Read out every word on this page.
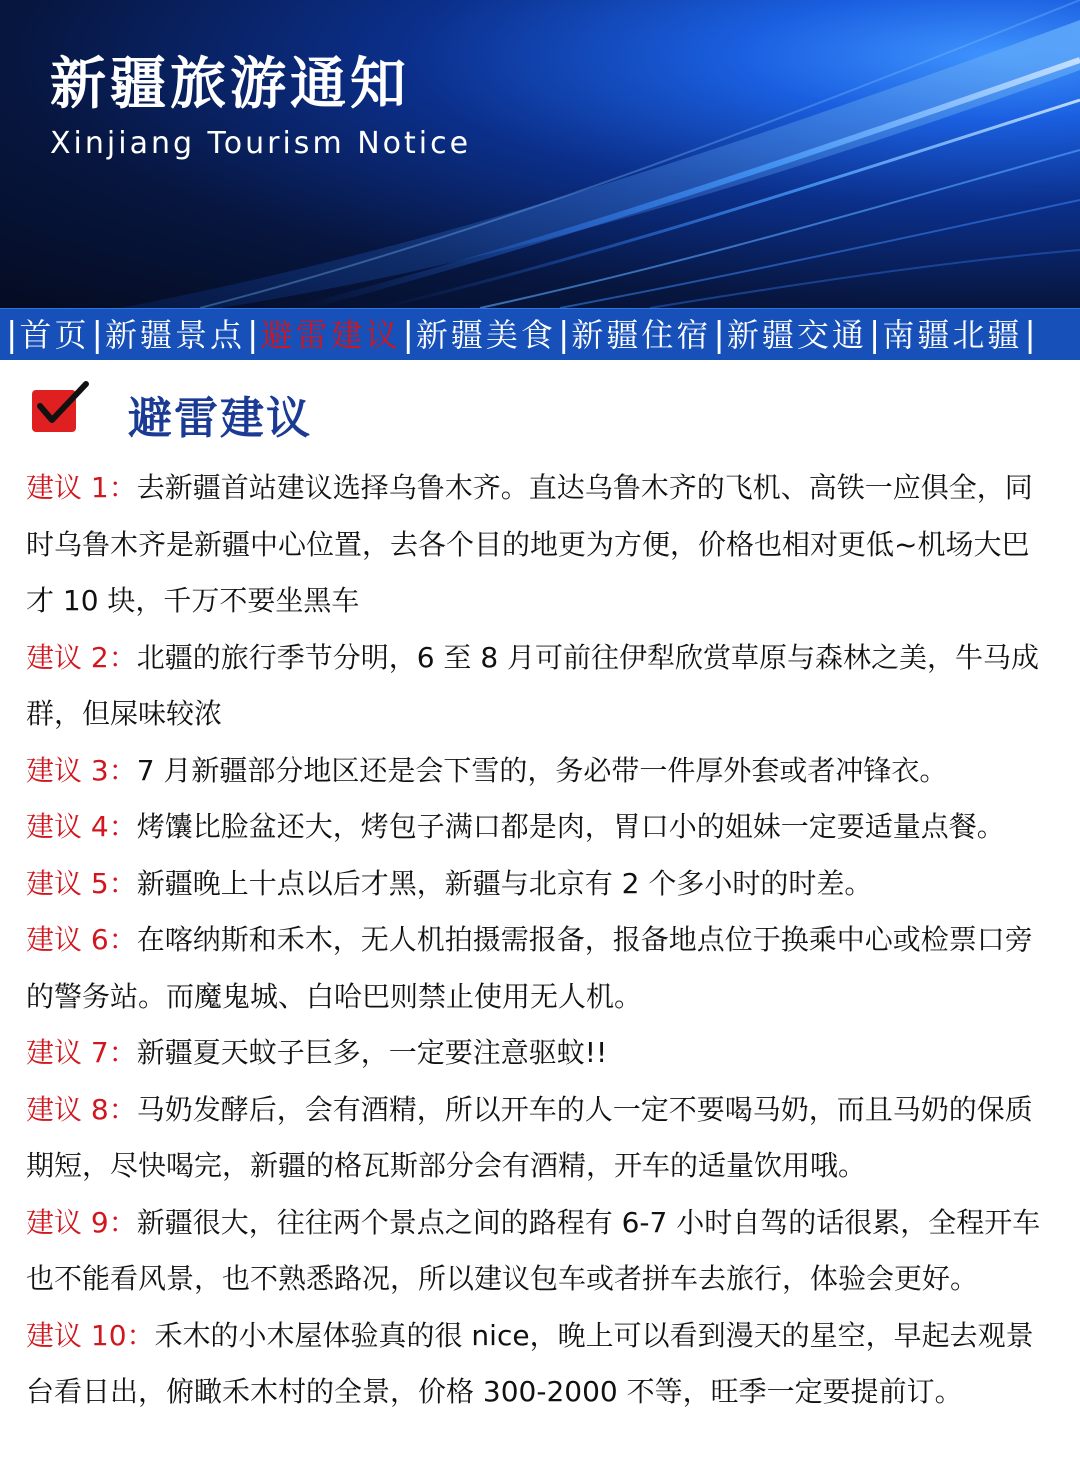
新疆旅游通知
Xinjiang Tourism Notice
| 首页 | 新疆景点 | 避雷建议 | 新疆美食 | 新疆住宿 | 新疆交通 | 南疆北疆 |
避雷建议

建议 1：去新疆首站建议选择乌鲁木齐。直达乌鲁木齐的飞机、高铁一应俱全，同时乌鲁木齐是新疆中心位置，去各个目的地更为方便，价格也相对更低~机场大巴才 10 块，千万不要坐黑车

建议 2：北疆的旅行季节分明，6 至 8 月可前往伊犁欣赏草原与森林之美，牛马成群，但屎味较浓

建议 3：7 月新疆部分地区还是会下雪的，务必带一件厚外套或者冲锋衣。

建议 4：烤馕比脸盆还大，烤包子满口都是肉，胃口小的姐妹一定要适量点餐。

建议 5：新疆晚上十点以后才黑，新疆与北京有 2 个多小时的时差。

建议 6：在喀纳斯和禾木，无人机拍摄需报备，报备地点位于换乘中心或检票口旁的警务站。而魔鬼城、白哈巴则禁止使用无人机。

建议 7：新疆夏天蚊子巨多，一定要注意驱蚊!!

建议 8：马奶发酵后，会有酒精，所以开车的人一定不要喝马奶，而且马奶的保质期短，尽快喝完，新疆的格瓦斯部分会有酒精，开车的适量饮用哦。

建议 9：新疆很大，往往两个景点之间的路程有 6-7 小时自驾的话很累，全程开车也不能看风景，也不熟悉路况，所以建议包车或者拼车去旅行，体验会更好。

建议 10：禾木的小木屋体验真的很 nice，晚上可以看到漫天的星空，早起去观景台看日出，俯瞰禾木村的全景，价格 300-2000 不等，旺季一定要提前订。
